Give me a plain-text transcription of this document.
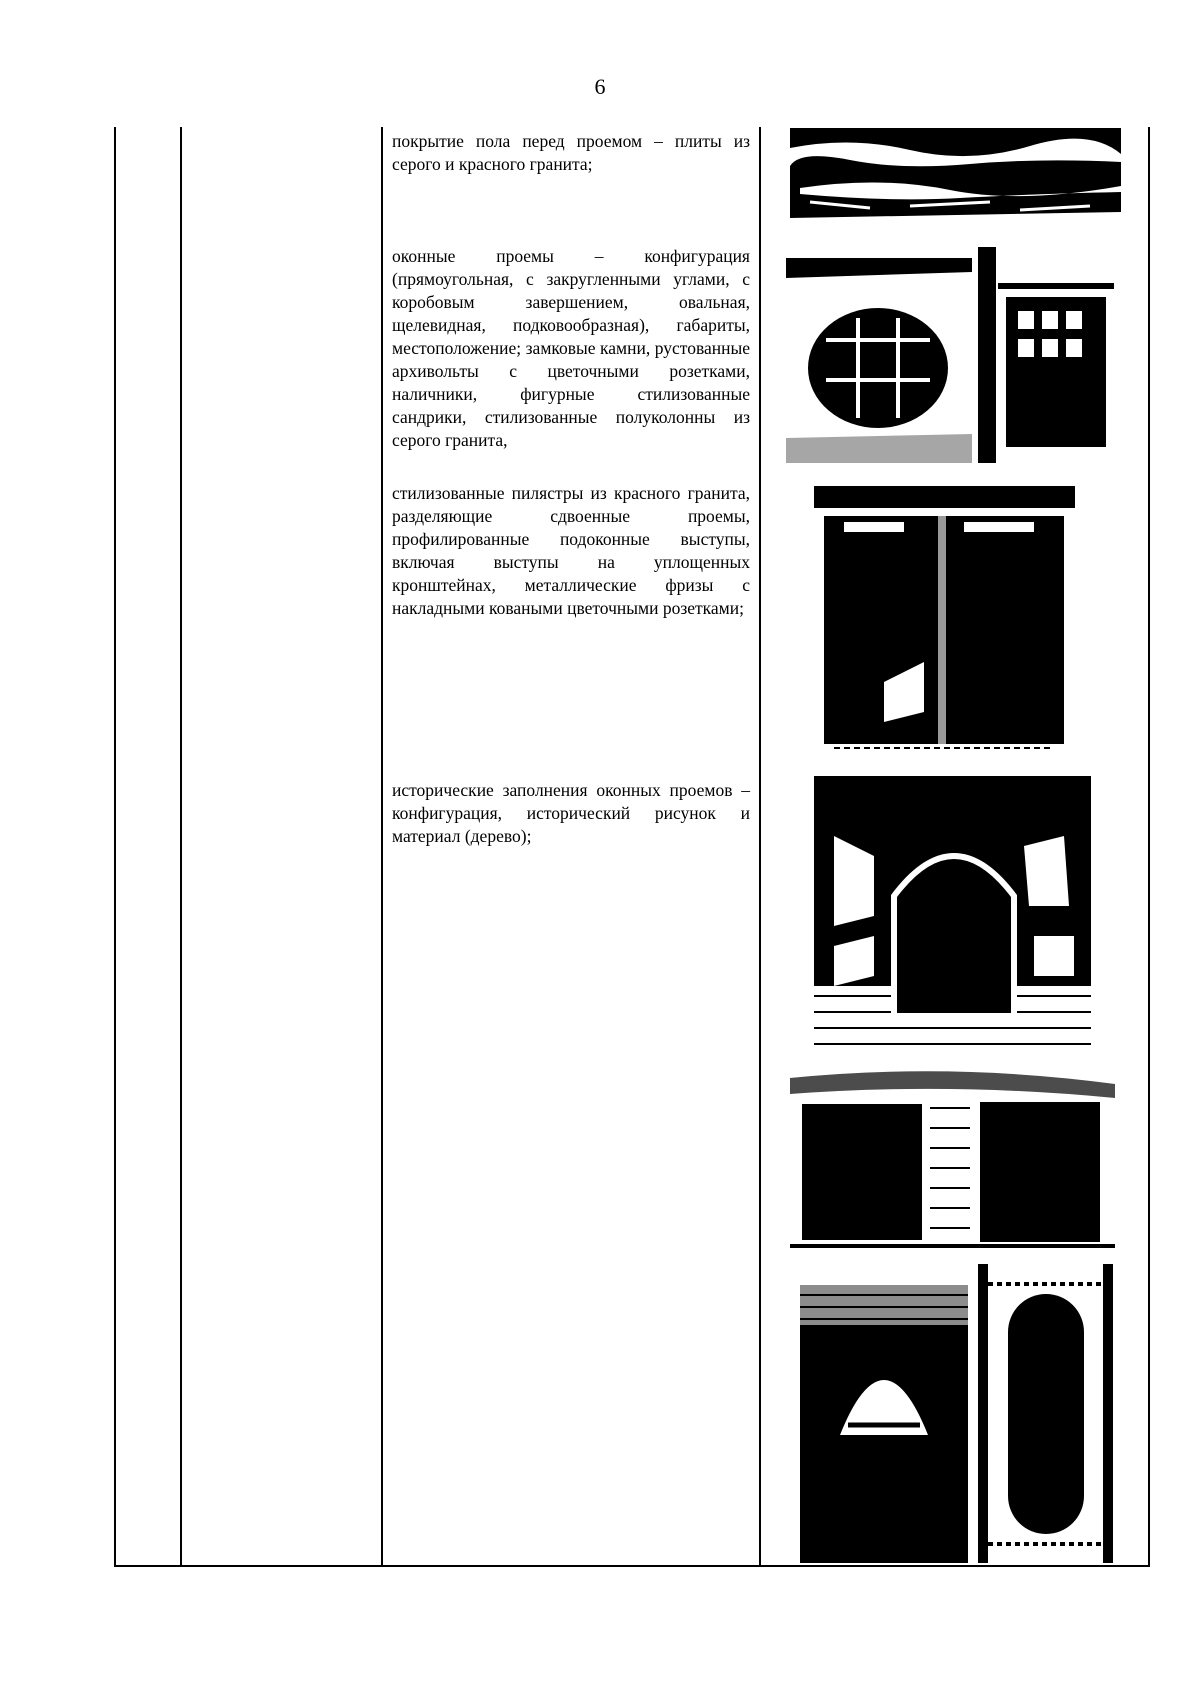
6
покрытие пола перед проемом – плиты из серого и красного гранита;
оконные проемы – конфигурация (прямоугольная, с закругленными углами, с коробовым завершением, овальная, щелевидная, подковообразная), габариты, местоположение; замковые камни, рустованные архивольты с цветочными розетками, наличники, фигурные стилизованные сандрики, стилизованные полуколонны из серого гранита,
стилизованные пилястры из красного гранита, разделяющие сдвоенные проемы, профилированные подоконные выступы, включая выступы на уплощенных кронштейнах, металлические фризы с накладными коваными цветочными розетками;
исторические заполнения оконных проемов – конфигурация, исторический рисунок и материал (дерево);
